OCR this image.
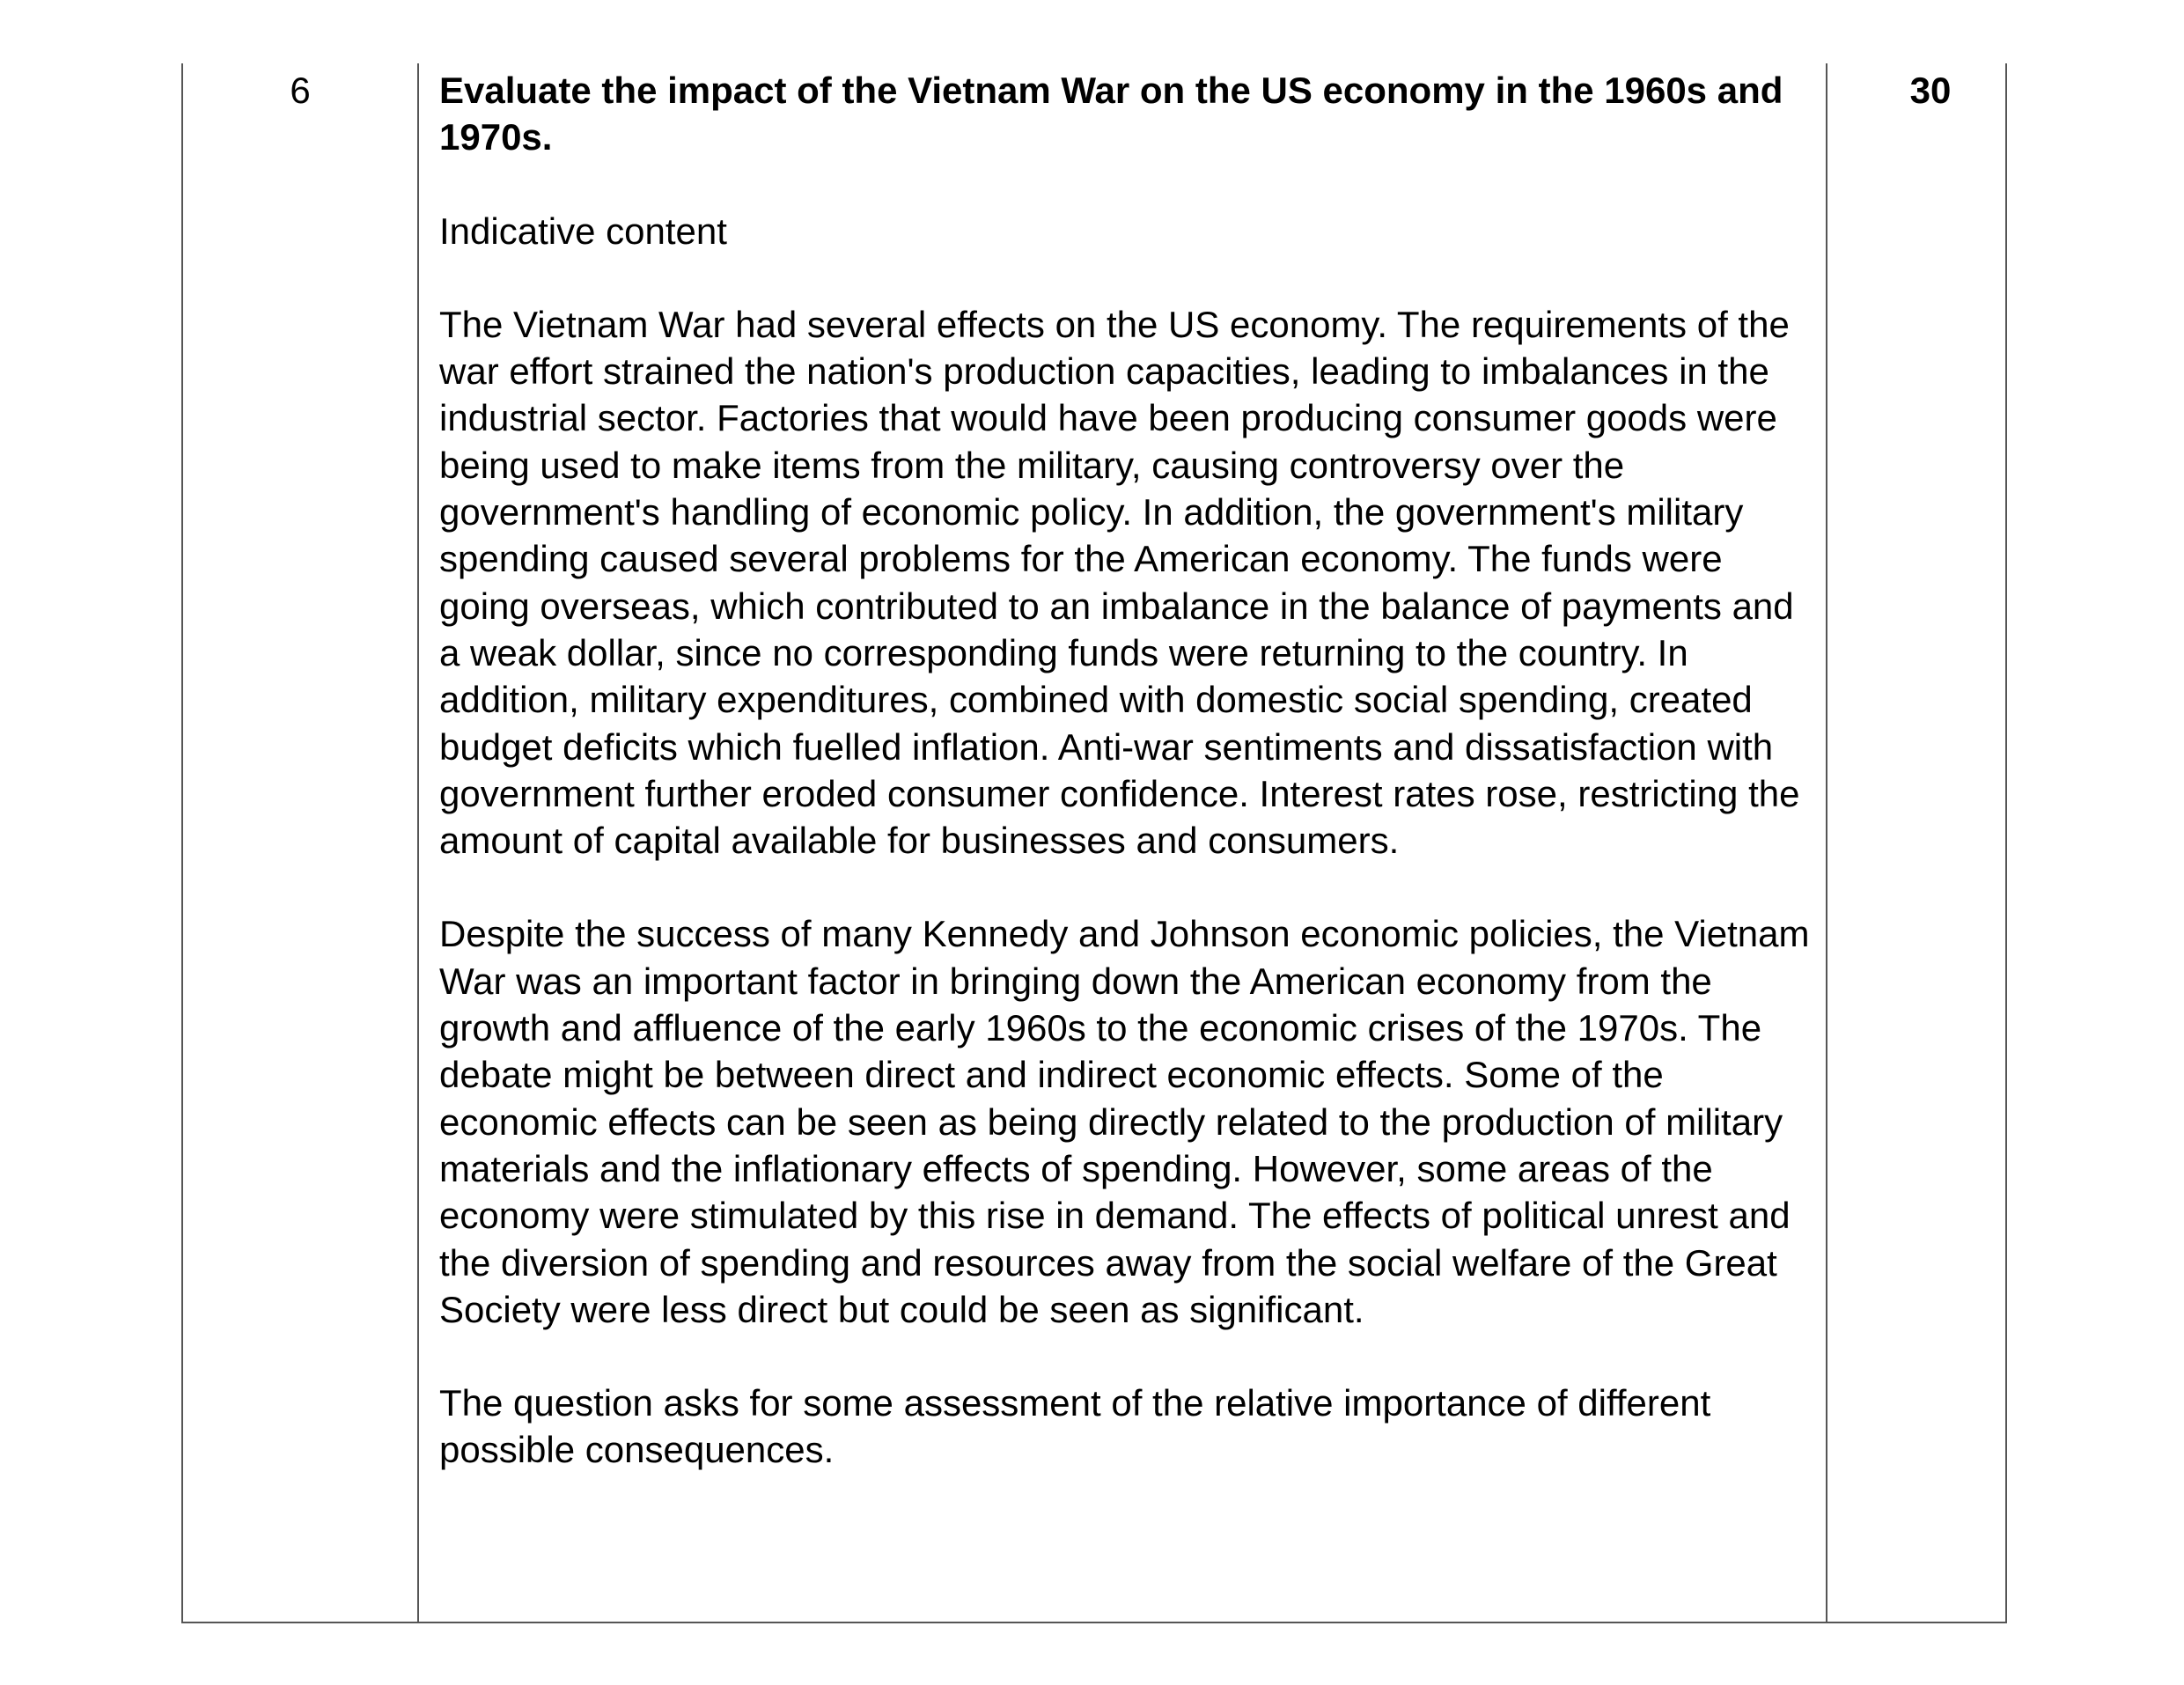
6	Evaluate the impact of the Vietnam War on the US economy in the 1960s and 1970s.

Indicative content

The Vietnam War had several effects on the US economy. The requirements of the war effort strained the nation's production capacities, leading to imbalances in the industrial sector. Factories that would have been producing consumer goods were being used to make items from the military, causing controversy over the government's handling of economic policy. In addition, the government's military spending caused several problems for the American economy. The funds were going overseas, which contributed to an imbalance in the balance of payments and a weak dollar, since no corresponding funds were returning to the country. In addition, military expenditures, combined with domestic social spending, created budget deficits which fuelled inflation. Anti-war sentiments and dissatisfaction with government further eroded consumer confidence. Interest rates rose, restricting the amount of capital available for businesses and consumers.

Despite the success of many Kennedy and Johnson economic policies, the Vietnam War was an important factor in bringing down the American economy from the growth and affluence of the early 1960s to the economic crises of the 1970s. The debate might be between direct and indirect economic effects. Some of the economic effects can be seen as being directly related to the production of military materials and the inflationary effects of spending. However, some areas of the economy were stimulated by this rise in demand. The effects of political unrest and the diversion of spending and resources away from the social welfare of the Great Society were less direct but could be seen as significant.

The question asks for some assessment of the relative importance of different possible consequences.

30
